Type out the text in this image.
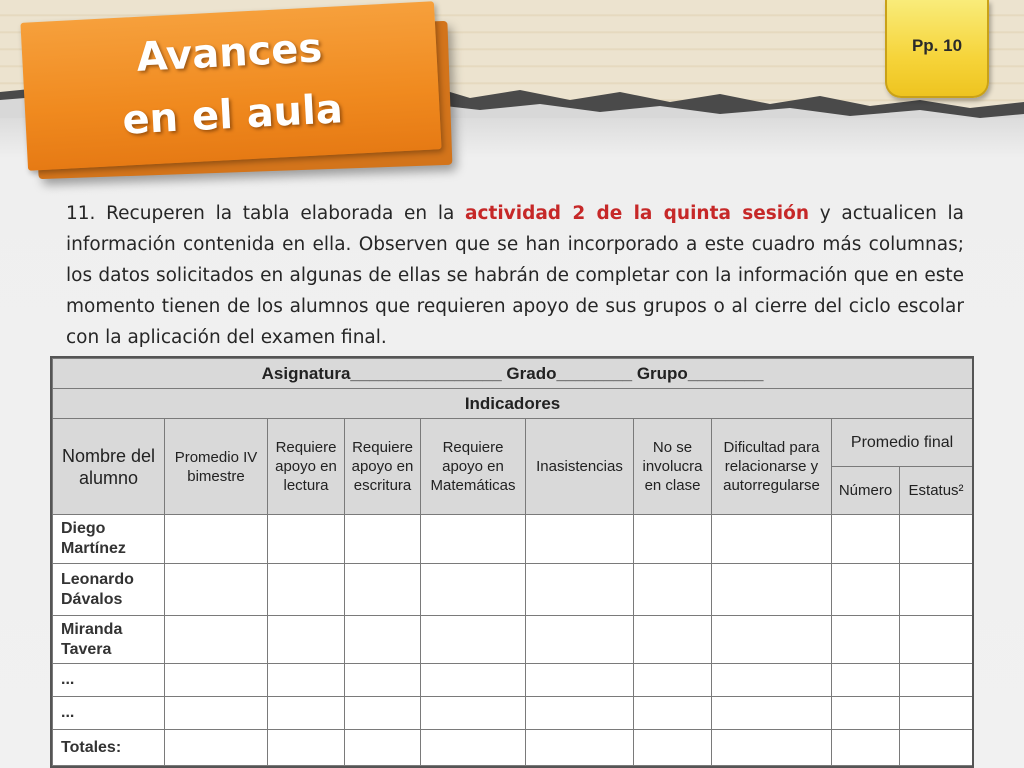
Avances
en el aula
Pp. 10

11. Recuperen la tabla elaborada en la actividad 2 de la quinta sesión y actualicen la información contenida en ella. Observen que se han incorporado a este cuadro más columnas; los datos solicitados en algunas de ellas se habrán de completar con la información que en este momento tienen de los alumnos que requieren apoyo de sus grupos o al cierre del ciclo escolar con la aplicación del examen final.

Asignatura________________ Grado________ Grupo________									
Indicadores									
Nombre del alumno	Promedio IV bimestre	Requiere apoyo en lectura	Requiere apoyo en escritura	Requiere apoyo en Matemáticas	Inasistencias	No se involucra en clase	Dificultad para relacionarse y autorregularse	Promedio final	
								Número	Estatus²
Diego Martínez									
Leonardo Dávalos									
Miranda Tavera									
...									
...									
Totales:									
